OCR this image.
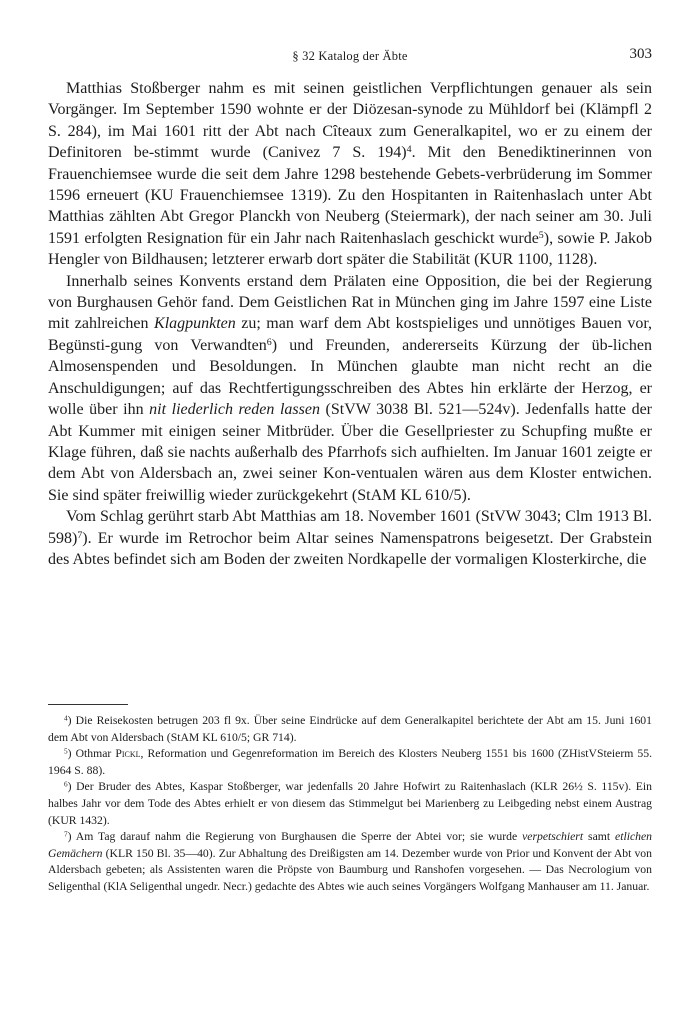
§ 32 Katalog der Äbte	303

Matthias Stoßberger nahm es mit seinen geistlichen Verpflichtungen genauer als sein Vorgänger. Im September 1590 wohnte er der Diözesan-synode zu Mühldorf bei (Klämpfl 2 S. 284), im Mai 1601 ritt der Abt nach Cîteaux zum Generalkapitel, wo er zu einem der Definitoren be-stimmt wurde (Canivez 7 S. 194)$^4$. Mit den Benediktinerinnen von Frauenchiemsee wurde die seit dem Jahre 1298 bestehende Gebets-verbrüderung im Sommer 1596 erneuert (KU Frauenchiemsee 1319). Zu den Hospitanten in Raitenhaslach unter Abt Matthias zählten Abt Gregor Planckh von Neuberg (Steiermark), der nach seiner am 30. Juli 1591 erfolgten Resignation für ein Jahr nach Raitenhaslach geschickt wurde$^5$), sowie P. Jakob Hengler von Bildhausen; letzterer erwarb dort später die Stabilität (KUR 1100, 1128).

Innerhalb seines Konvents erstand dem Prälaten eine Opposition, die bei der Regierung von Burghausen Gehör fand. Dem Geistlichen Rat in München ging im Jahre 1597 eine Liste mit zahlreichen Klagpunkten zu; man warf dem Abt kostspieliges und unnötiges Bauen vor, Begünsti-gung von Verwandten$^6$) und Freunden, andererseits Kürzung der üb-lichen Almosenspenden und Besoldungen. In München glaubte man nicht recht an die Anschuldigungen; auf das Rechtfertigungsschreiben des Abtes hin erklärte der Herzog, er wolle über ihn nit liederlich reden lassen (StVW 3038 Bl. 521—524v). Jedenfalls hatte der Abt Kummer mit einigen seiner Mitbrüder. Über die Gesellpriester zu Schupfing mußte er Klage führen, daß sie nachts außerhalb des Pfarrhofs sich aufhielten. Im Januar 1601 zeigte er dem Abt von Aldersbach an, zwei seiner Kon-ventualen wären aus dem Kloster entwichen. Sie sind später freiwillig wieder zurückgekehrt (StAM KL 610/5).

Vom Schlag gerührt starb Abt Matthias am 18. November 1601 (StVW 3043; Clm 1913 Bl. 598)$^7$). Er wurde im Retrochor beim Altar seines Namenspatrons beigesetzt. Der Grabstein des Abtes befindet sich am Boden der zweiten Nordkapelle der vormaligen Klosterkirche, die

$^4$) Die Reisekosten betrugen 203 fl 9x. Über seine Eindrücke auf dem Generalkapitel berichtete der Abt am 15. Juni 1601 dem Abt von Aldersbach (StAM KL 610/5; GR 714).

$^5$) Othmar Pickl, Reformation und Gegenreformation im Bereich des Klosters Neuberg 1551 bis 1600 (ZHistVSteierm 55. 1964 S. 88).

$^6$) Der Bruder des Abtes, Kaspar Stoßberger, war jedenfalls 20 Jahre Hofwirt zu Raitenhaslach (KLR 26½ S. 115v). Ein halbes Jahr vor dem Tode des Abtes erhielt er von diesem das Stimmelgut bei Marienberg zu Leibgeding nebst einem Austrag (KUR 1432).

$^7$) Am Tag darauf nahm die Regierung von Burghausen die Sperre der Abtei vor; sie wurde verpetschiert samt etlichen Gemächern (KLR 150 Bl. 35—40). Zur Abhaltung des Dreißigsten am 14. Dezember wurde von Prior und Konvent der Abt von Aldersbach gebeten; als Assistenten waren die Pröpste von Baumburg und Ranshofen vorgesehen. — Das Necrologium von Seligenthal (KlA Seligenthal ungedr. Necr.) gedachte des Abtes wie auch seines Vorgängers Wolfgang Manhauser am 11. Januar.
